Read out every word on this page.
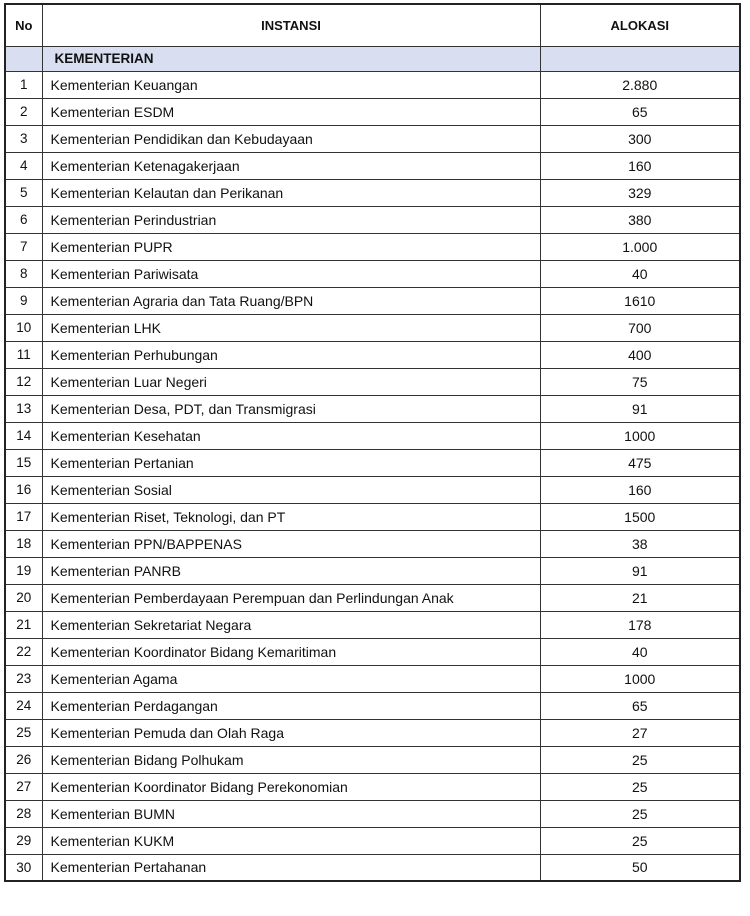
No	INSTANSI	ALOKASI
	KEMENTERIAN	
1	Kementerian Keuangan	2.880
2	Kementerian ESDM	65
3	Kementerian Pendidikan dan Kebudayaan	300
4	Kementerian Ketenagakerjaan	160
5	Kementerian Kelautan dan Perikanan	329
6	Kementerian Perindustrian	380
7	Kementerian PUPR	1.000
8	Kementerian Pariwisata	40
9	Kementerian Agraria dan Tata Ruang/BPN	1610
10	Kementerian LHK	700
11	Kementerian Perhubungan	400
12	Kementerian Luar Negeri	75
13	Kementerian Desa, PDT, dan Transmigrasi	91
14	Kementerian Kesehatan	1000
15	Kementerian Pertanian	475
16	Kementerian Sosial	160
17	Kementerian Riset, Teknologi, dan PT	1500
18	Kementerian PPN/BAPPENAS	38
19	Kementerian PANRB	91
20	Kementerian Pemberdayaan Perempuan dan Perlindungan Anak	21
21	Kementerian Sekretariat Negara	178
22	Kementerian Koordinator Bidang Kemaritiman	40
23	Kementerian Agama	1000
24	Kementerian Perdagangan	65
25	Kementerian Pemuda dan Olah Raga	27
26	Kementerian Bidang Polhukam	25
27	Kementerian Koordinator Bidang Perekonomian	25
28	Kementerian BUMN	25
29	Kementerian KUKM	25
30	Kementerian Pertahanan	50
